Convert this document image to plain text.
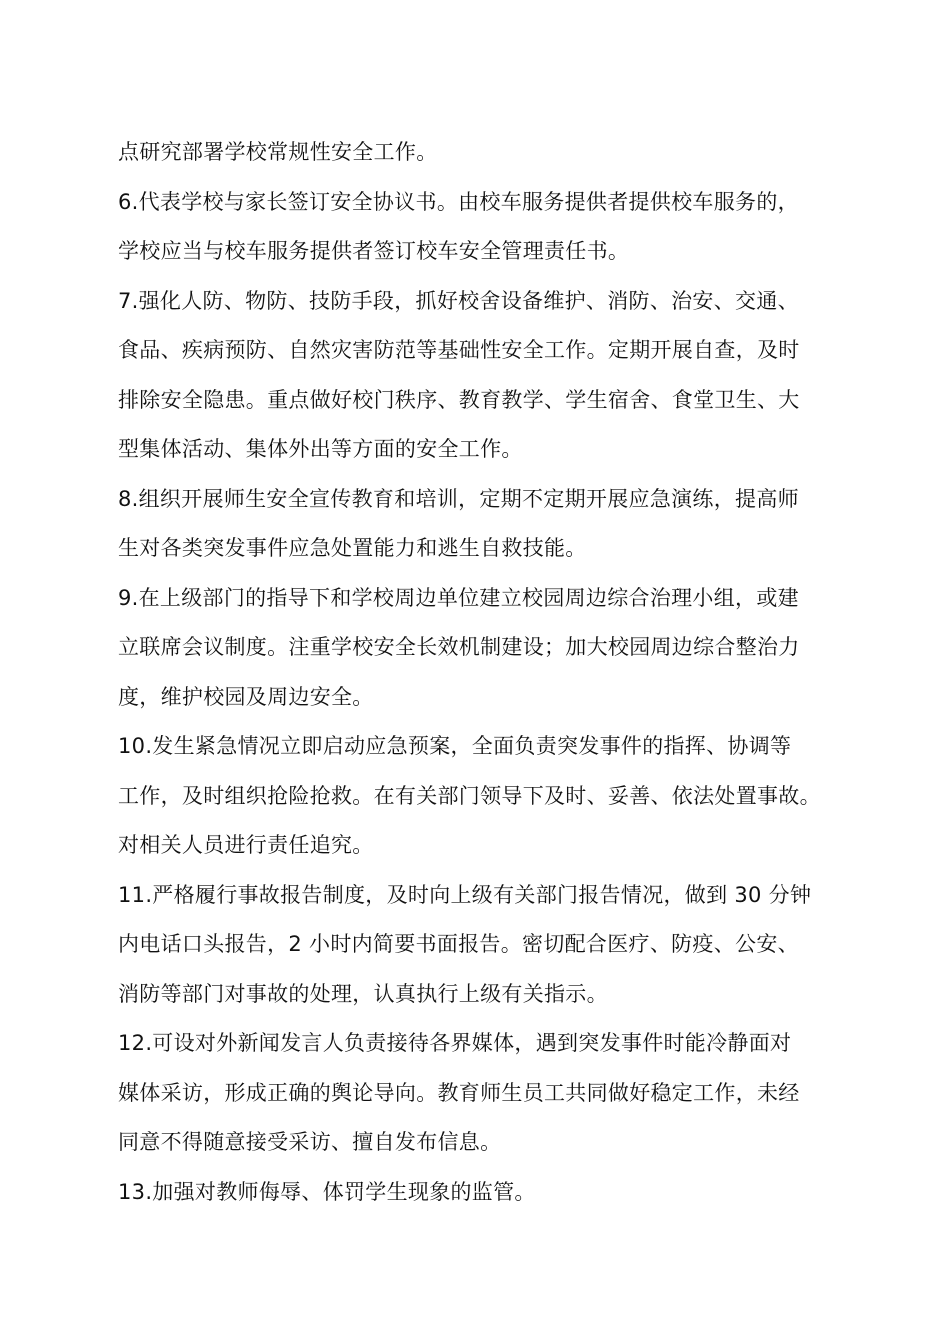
点研究部署学校常规性安全工作。
6.代表学校与家长签订安全协议书。由校车服务提供者提供校车服务的，
学校应当与校车服务提供者签订校车安全管理责任书。
7.强化人防、物防、技防手段，抓好校舍设备维护、消防、治安、交通、
食品、疾病预防、自然灾害防范等基础性安全工作。定期开展自查，及时
排除安全隐患。重点做好校门秩序、教育教学、学生宿舍、食堂卫生、大
型集体活动、集体外出等方面的安全工作。
8.组织开展师生安全宣传教育和培训，定期不定期开展应急演练，提高师
生对各类突发事件应急处置能力和逃生自救技能。
9.在上级部门的指导下和学校周边单位建立校园周边综合治理小组，或建
立联席会议制度。注重学校安全长效机制建设；加大校园周边综合整治力
度，维护校园及周边安全。
10.发生紧急情况立即启动应急预案，全面负责突发事件的指挥、协调等
工作，及时组织抢险抢救。在有关部门领导下及时、妥善、依法处置事故。
对相关人员进行责任追究。
11.严格履行事故报告制度，及时向上级有关部门报告情况，做到 30 分钟
内电话口头报告，2 小时内简要书面报告。密切配合医疗、防疫、公安、
消防等部门对事故的处理，认真执行上级有关指示。
12.可设对外新闻发言人负责接待各界媒体，遇到突发事件时能冷静面对
媒体采访，形成正确的舆论导向。教育师生员工共同做好稳定工作，未经
同意不得随意接受采访、擅自发布信息。
13.加强对教师侮辱、体罚学生现象的监管。
